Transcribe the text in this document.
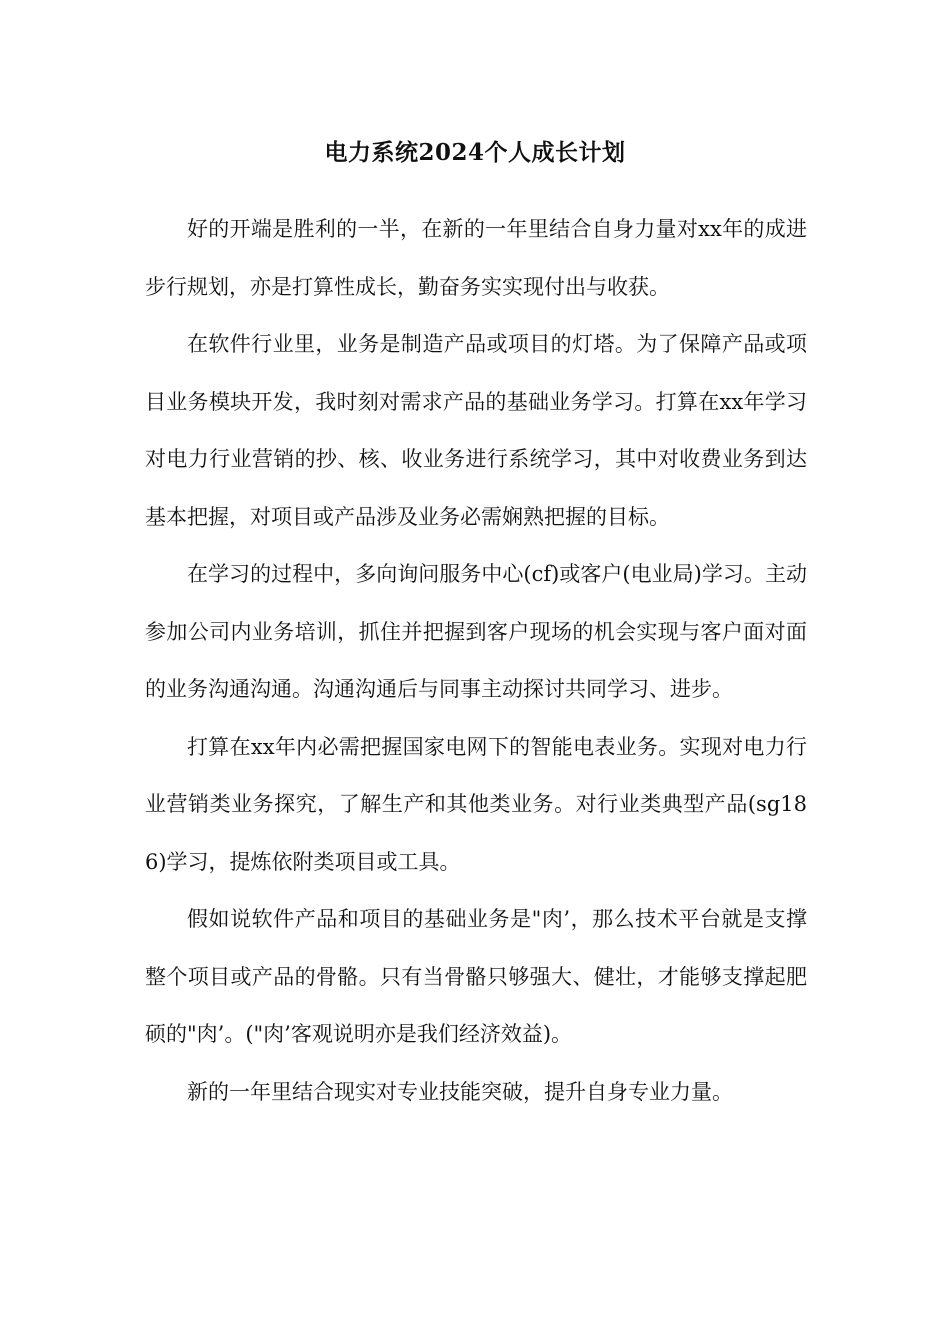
电力系统2024个人成长计划

好的开端是胜利的一半，在新的一年里结合自身力量对xx年的成进步行规划，亦是打算性成长，勤奋务实实现付出与收获。

在软件行业里，业务是制造产品或项目的灯塔。为了保障产品或项目业务模块开发，我时刻对需求产品的基础业务学习。打算在xx年学习对电力行业营销的抄、核、收业务进行系统学习，其中对收费业务到达基本把握，对项目或产品涉及业务必需娴熟把握的目标。

在学习的过程中，多向询问服务中心(cf)或客户(电业局)学习。主动参加公司内业务培训，抓住并把握到客户现场的机会实现与客户面对面的业务沟通沟通。沟通沟通后与同事主动探讨共同学习、进步。

打算在xx年内必需把握国家电网下的智能电表业务。实现对电力行业营销类业务探究，了解生产和其他类业务。对行业类典型产品(sg186)学习，提炼依附类项目或工具。

假如说软件产品和项目的基础业务是"肉’，那么技术平台就是支撑整个项目或产品的骨骼。只有当骨骼只够强大、健壮，才能够支撑起肥硕的"肉’。("肉’客观说明亦是我们经济效益)。

新的一年里结合现实对专业技能突破，提升自身专业力量。
